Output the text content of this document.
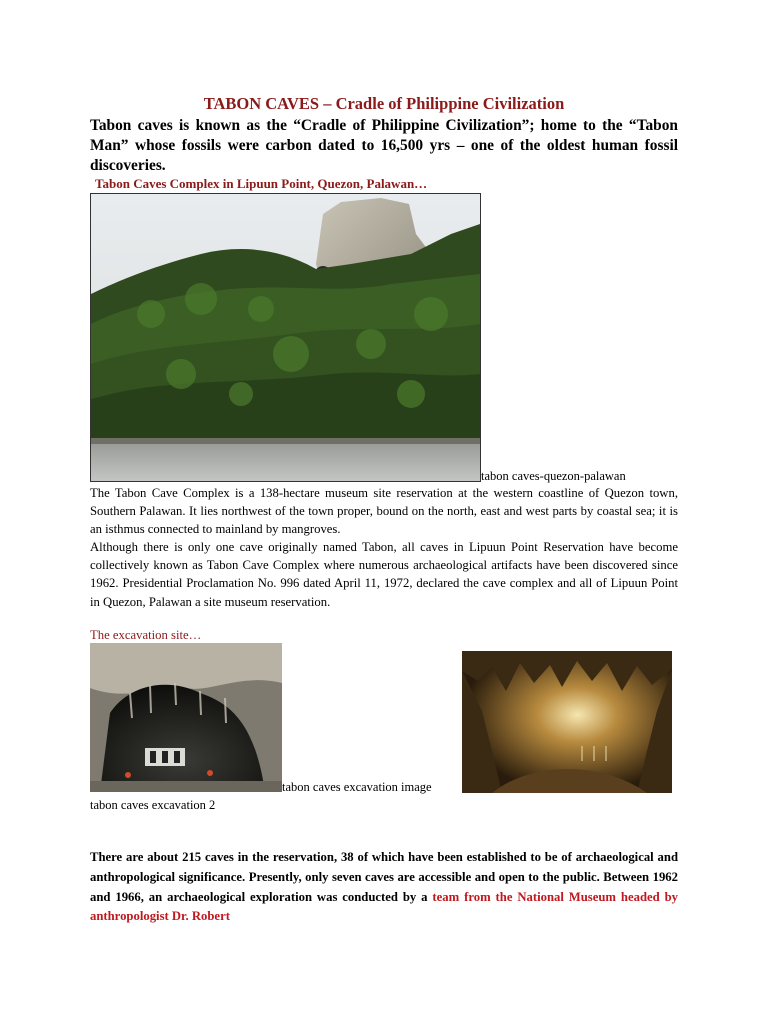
TABON CAVES – Cradle of Philippine Civilization
Tabon caves is known as the “Cradle of Philippine Civilization”; home to the “Tabon Man” whose fossils were carbon dated to 16,500 yrs – one of the oldest human fossil discoveries.
Tabon Caves Complex in Lipuun Point, Quezon, Palawan…
tabon caves-quezon-palawan
The Tabon Cave Complex is a 138-hectare museum site reservation at the western coastline of Quezon town, Southern Palawan. It lies northwest of the town proper, bound on the north, east and west parts by coastal sea; it is an isthmus connected to mainland by mangroves.
Although there is only one cave originally named Tabon, all caves in Lipuun Point Reservation have become collectively known as Tabon Cave Complex where numerous archaeological artifacts have been discovered since 1962. Presidential Proclamation No. 996 dated April 11, 1972, declared the cave complex and all of Lipuun Point in Quezon, Palawan a site museum reservation.
The excavation site…
tabon caves excavation image
tabon caves excavation 2
There are about 215 caves in the reservation, 38 of which have been established to be of archaeological and anthropological significance. Presently, only seven caves are accessible and open to the public. Between 1962 and 1966, an archaeological exploration was conducted by a team from the National Museum headed by anthropologist Dr. Robert
